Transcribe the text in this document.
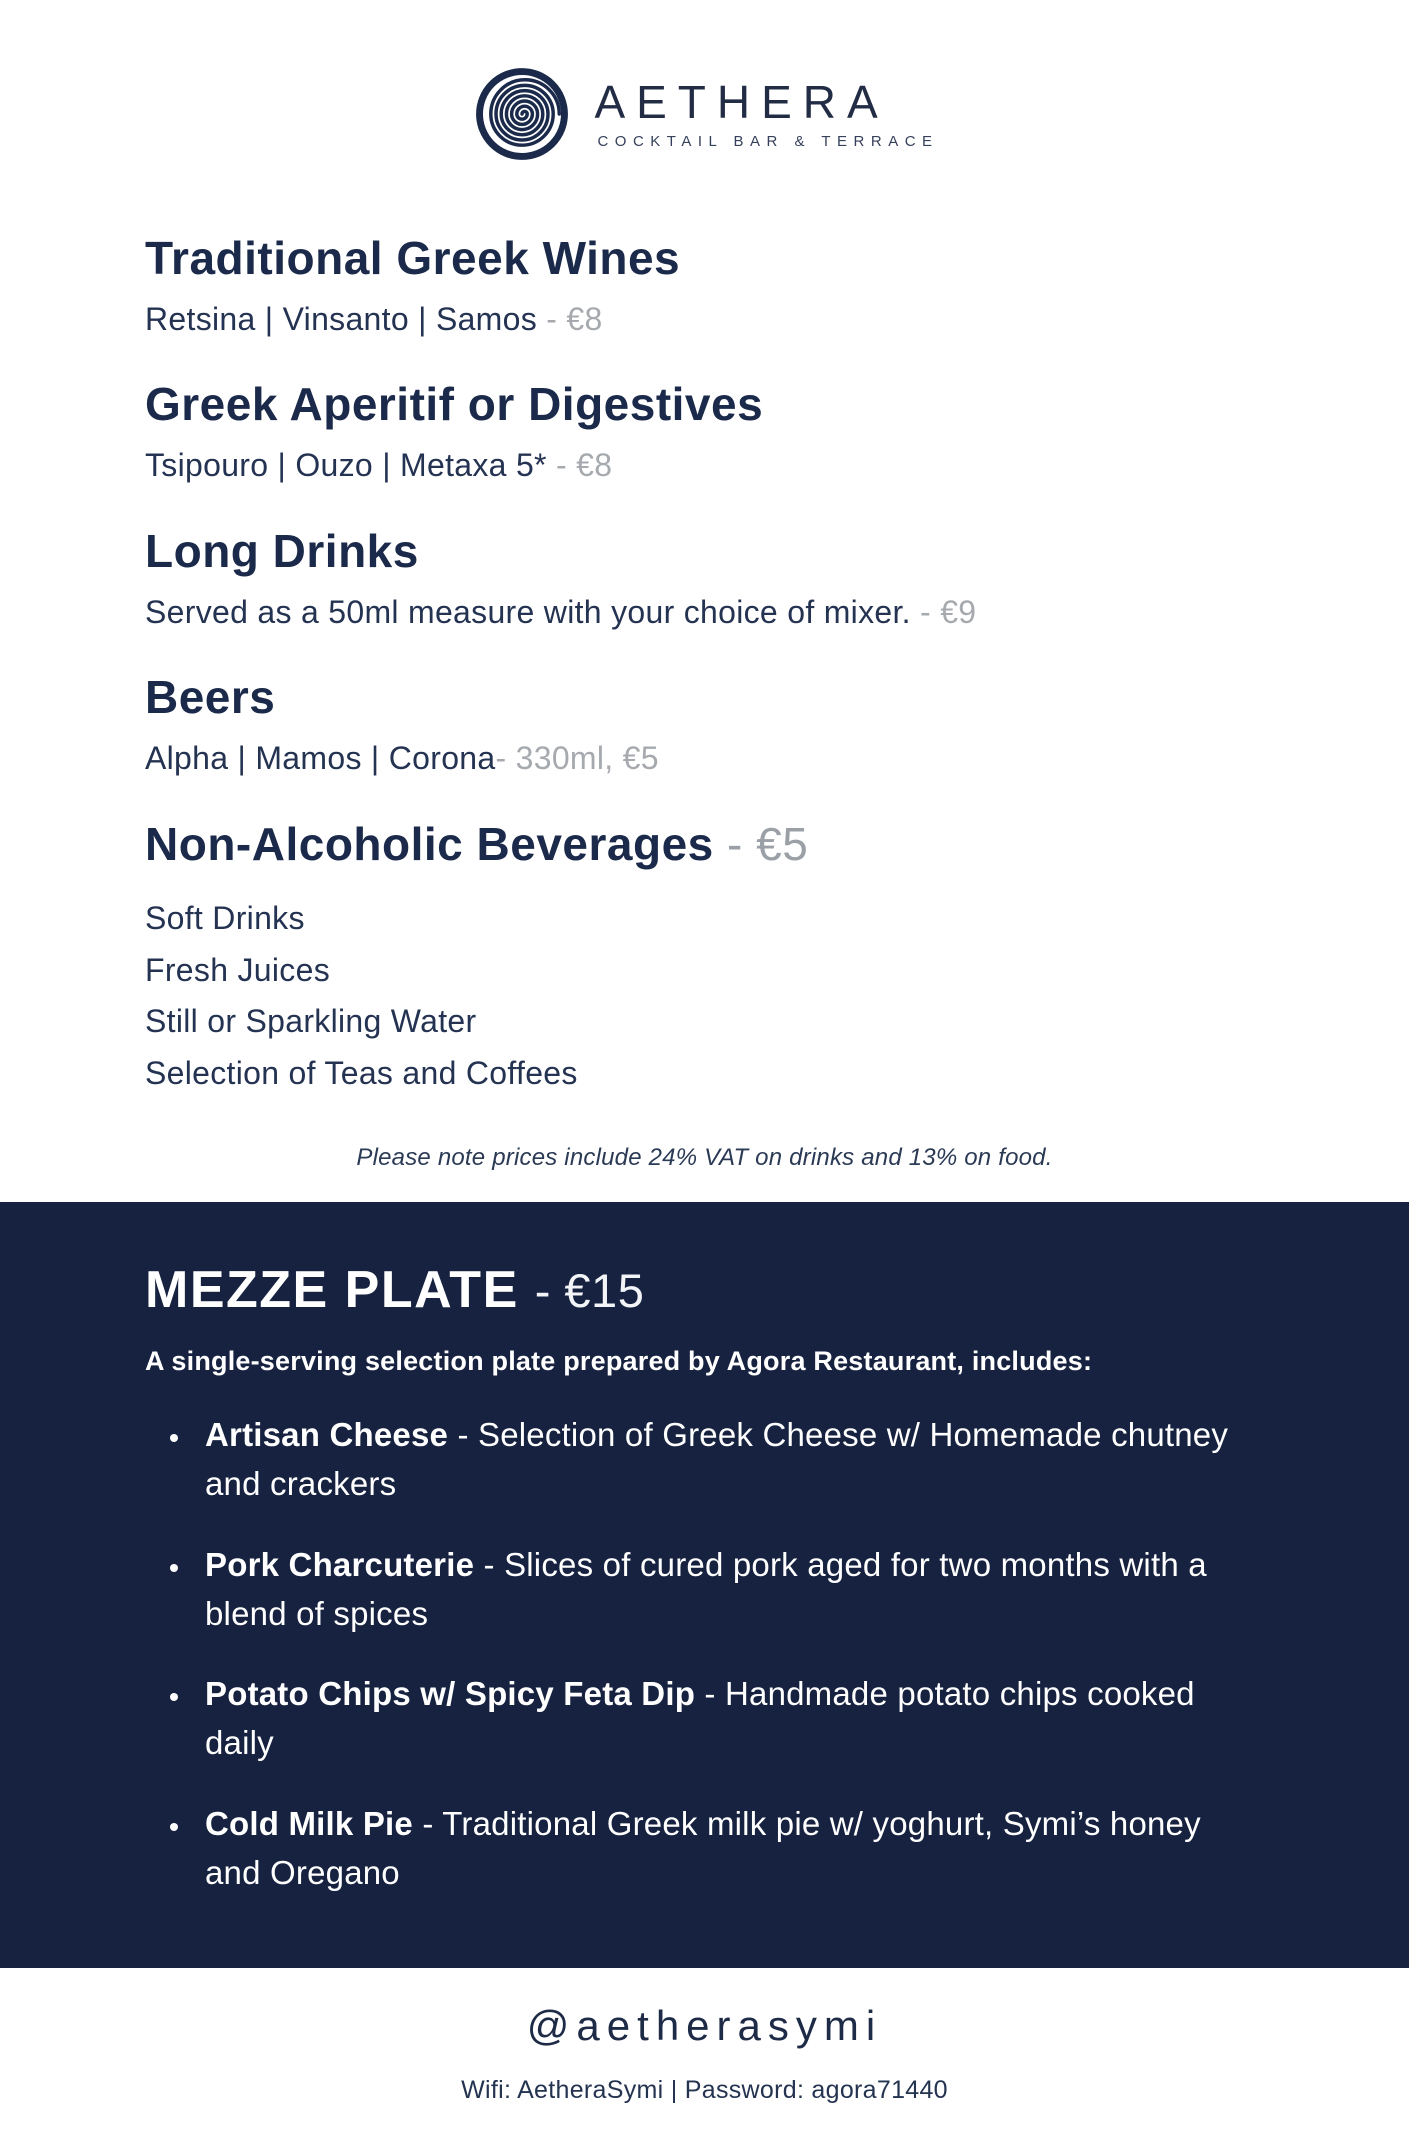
AETHERA
COCKTAIL BAR & TERRACE
Traditional Greek Wines

Retsina | Vinsanto | Samos - €8

Greek Aperitif or Digestives

Tsipouro | Ouzo | Metaxa 5* - €8

Long Drinks

Served as a 50ml measure with your choice of mixer. - €9

Beers

Alpha | Mamos | Corona- 330ml, €5

Non-Alcoholic Beverages - €5

Soft Drinks

Fresh Juices

Still or Sparkling Water

Selection of Teas and Coffees

Please note prices include 24% VAT on drinks and 13% on food.

MEZZE PLATE - €15

A single-serving selection plate prepared by Agora Restaurant, includes:

• Artisan Cheese - Selection of Greek Cheese w/ Homemade chutney and crackers
• Pork Charcuterie - Slices of cured pork aged for two months with a blend of spices
• Potato Chips w/ Spicy Feta Dip - Handmade potato chips cooked daily
• Cold Milk Pie - Traditional Greek milk pie w/ yoghurt, Symi’s honey and Oregano
@aetherasymi
Wifi: AetheraSymi | Password: agora71440
